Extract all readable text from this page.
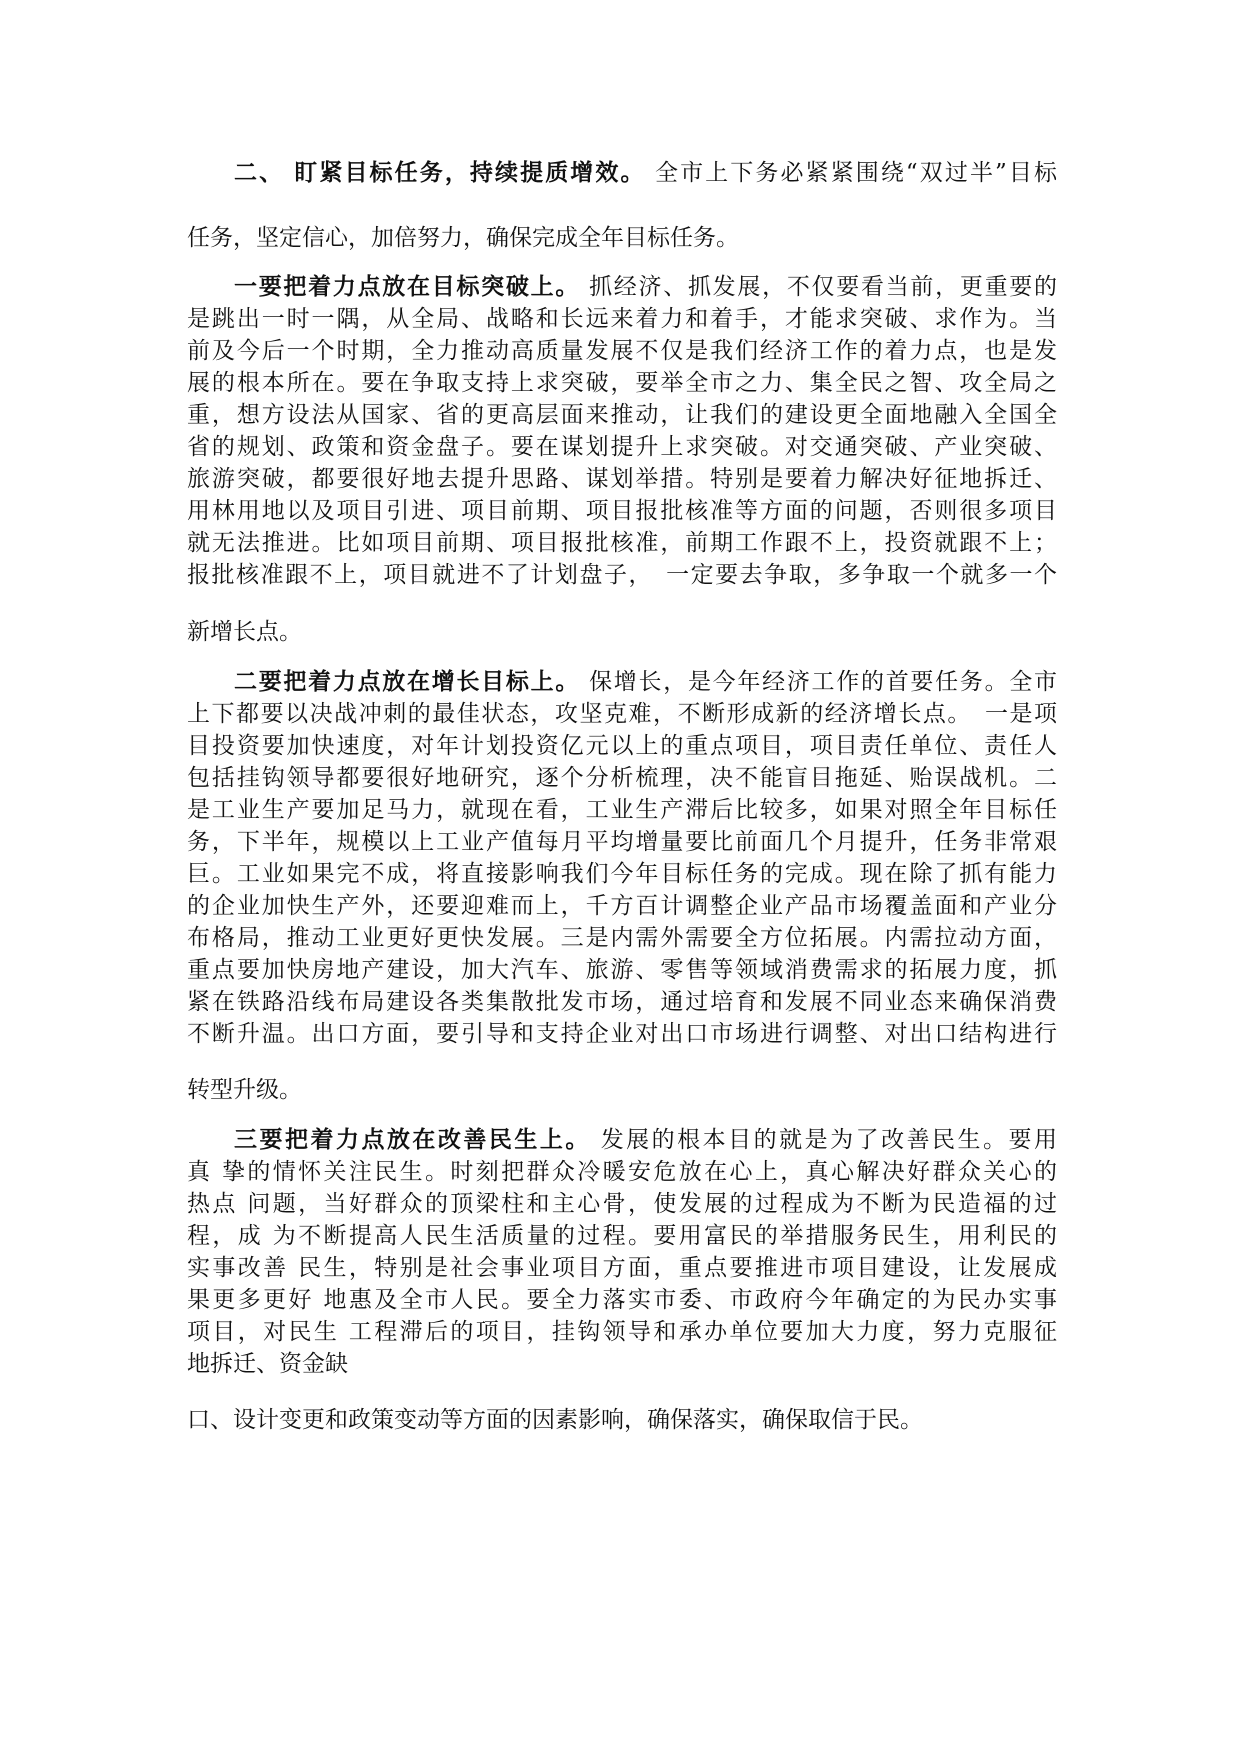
二、 盯紧目标任务，持续提质增效。 全市上下务必紧紧围绕“双过半”目标
任务，坚定信心，加倍努力，确保完成全年目标任务。
一要把着力点放在目标突破上。 抓经济、抓发展，不仅要看当前，更重要的
是跳出一时一隅，从全局、战略和长远来着力和着手，才能求突破、求作为。当
前及今后一个时期，全力推动高质量发展不仅是我们经济工作的着力点，也是发
展的根本所在。要在争取支持上求突破，要举全市之力、集全民之智、攻全局之
重，想方设法从国家、省的更高层面来推动，让我们的建设更全面地融入全国全
省的规划、政策和资金盘子。要在谋划提升上求突破。对交通突破、产业突破、
旅游突破，都要很好地去提升思路、谋划举措。特别是要着力解决好征地拆迁、
用林用地以及项目引进、项目前期、项目报批核准等方面的问题，否则很多项目
就无法推进。比如项目前期、项目报批核准，前期工作跟不上，投资就跟不上；
报批核准跟不上，项目就进不了计划盘子，　一定要去争取，多争取一个就多一个
新增长点。
二要把着力点放在增长目标上。 保增长，是今年经济工作的首要任务。全市
上下都要以决战冲刺的最佳状态，攻坚克难，不断形成新的经济增长点。　一是项
目投资要加快速度，对年计划投资亿元以上的重点项目，项目责任单位、责任人
包括挂钩领导都要很好地研究，逐个分析梳理，决不能盲目拖延、贻误战机。二
是工业生产要加足马力，就现在看，工业生产滞后比较多，如果对照全年目标任
务，下半年，规模以上工业产值每月平均增量要比前面几个月提升，任务非常艰
巨。工业如果完不成，将直接影响我们今年目标任务的完成。现在除了抓有能力
的企业加快生产外，还要迎难而上，千方百计调整企业产品市场覆盖面和产业分
布格局，推动工业更好更快发展。三是内需外需要全方位拓展。内需拉动方面，
重点要加快房地产建设，加大汽车、旅游、零售等领域消费需求的拓展力度，抓
紧在铁路沿线布局建设各类集散批发市场，通过培育和发展不同业态来确保消费
不断升温。出口方面，要引导和支持企业对出口市场进行调整、对出口结构进行
转型升级。
三要把着力点放在改善民生上。 发展的根本目的就是为了改善民生。要用
真 挚的情怀关注民生。时刻把群众冷暖安危放在心上，真心解决好群众关心的
热点 问题，当好群众的顶梁柱和主心骨，使发展的过程成为不断为民造福的过
程，成 为不断提高人民生活质量的过程。要用富民的举措服务民生，用利民的
实事改善 民生，特别是社会事业项目方面，重点要推进市项目建设，让发展成
果更多更好 地惠及全市人民。要全力落实市委、市政府今年确定的为民办实事
项目，对民生 工程滞后的项目，挂钩领导和承办单位要加大力度，努力克服征
地拆迁、资金缺
口、设计变更和政策变动等方面的因素影响，确保落实，确保取信于民。
